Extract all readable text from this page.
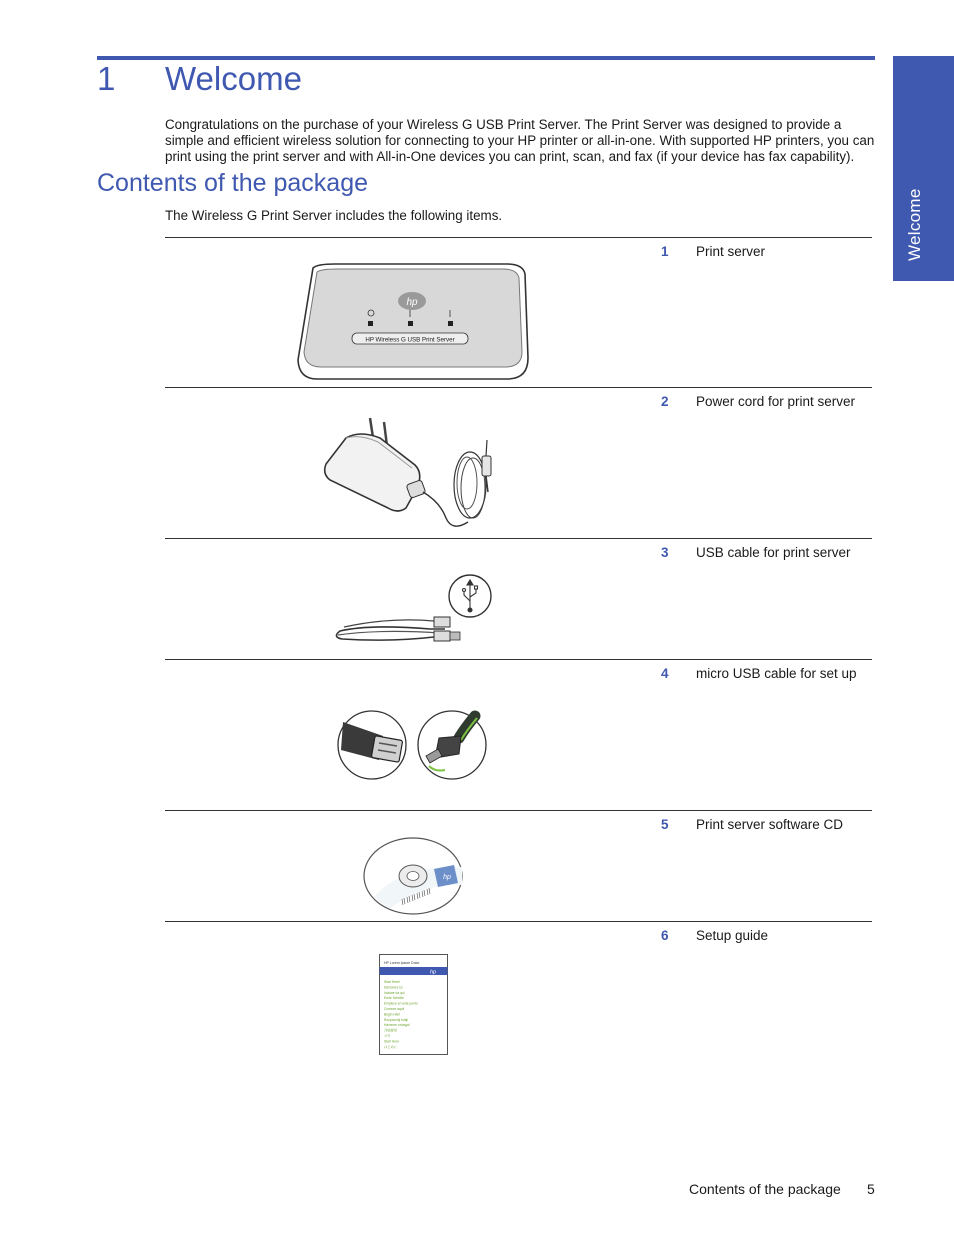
Welcome
1 Welcome

Congratulations on the purchase of your Wireless G USB Print Server. The Print Server was designed to provide a simple and efficient wireless solution for connecting to your HP printer or all-in-one. With supported HP printers, you can print using the print server and with All-in-One devices you can print, scan, and fax (if your device has fax capability).

Contents of the package

The Wireless G Print Server includes the following items.

hp
HP Wireless G USB Print Server
1 Print server
2 Power cord for print server
3 USB cable for print server
4 micro USB cable for set up
hp
5 Print server software CD
HP Lorem Ipsum Dolor
hp
Start Here!
Démarrez ici
Iniziare da qui
Erste Schritte
Empiece en este punto
Comece aqui!
Begin Hier!
Rozpocznij tutaj!
Начните отсюда!
开始使用
시작
Start Here
はじめに
6 Setup guide
Contents of the package 5
